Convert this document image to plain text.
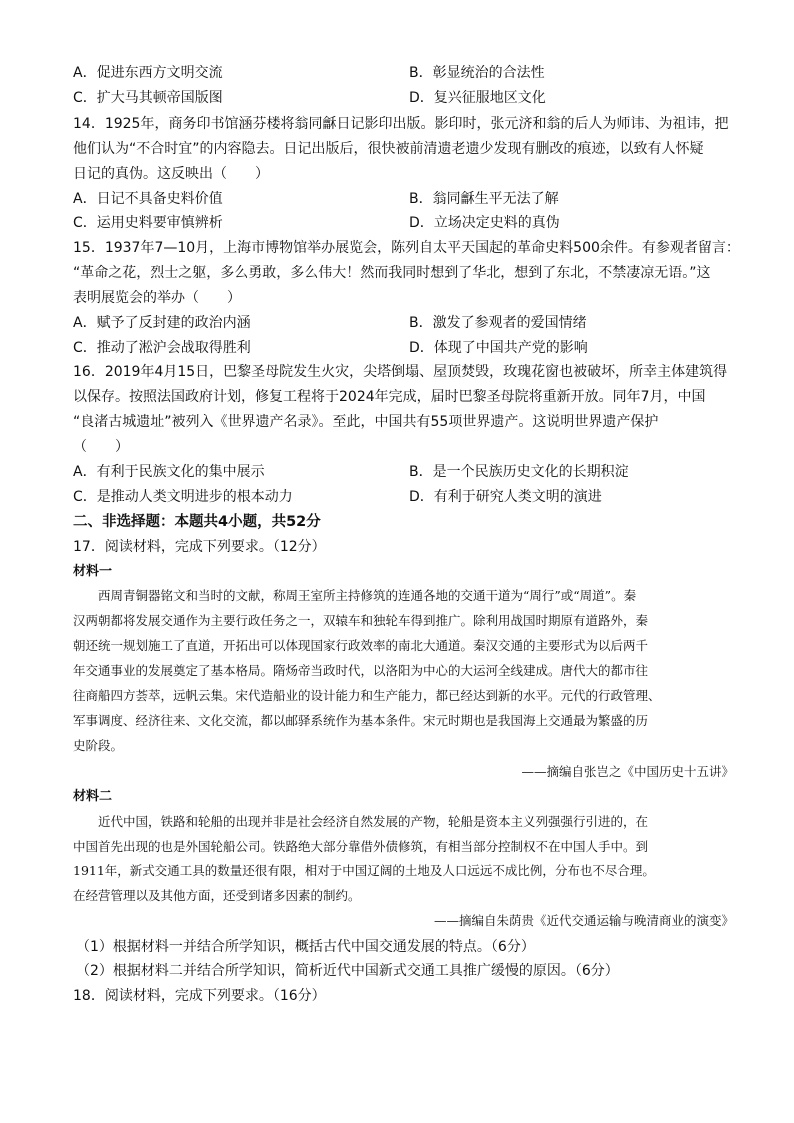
A．促进东西方文明交流	B．彰显统治的合法性
C．扩大马其顿帝国版图	D．复兴征服地区文化
14．1925年，商务印书馆涵芬楼将翁同龢日记影印出版。影印时，张元济和翁的后人为师讳、为祖讳，把
他们认为“不合时宜”的内容隐去。日记出版后，很快被前清遗老遗少发现有删改的痕迹，以致有人怀疑
日记的真伪。这反映出（　　）
A．日记不具备史料价值	B．翁同龢生平无法了解
C．运用史料要审慎辨析	D．立场决定史料的真伪
15．1937年7—10月，上海市博物馆举办展览会，陈列自太平天国起的革命史料500余件。有参观者留言：
“革命之花，烈士之躯，多么勇敢，多么伟大！然而我同时想到了华北，想到了东北，不禁凄凉无语。”这
表明展览会的举办（　　）
A．赋予了反封建的政治内涵	B．激发了参观者的爱国情绪
C．推动了淞沪会战取得胜利	D．体现了中国共产党的影响
16．2019年4月15日，巴黎圣母院发生火灾，尖塔倒塌、屋顶焚毁，玫瑰花窗也被破坏，所幸主体建筑得
以保存。按照法国政府计划，修复工程将于2024年完成，届时巴黎圣母院将重新开放。同年7月，中国
“良渚古城遗址”被列入《世界遗产名录》。至此，中国共有55项世界遗产。这说明世界遗产保护
（　　）
A．有利于民族文化的集中展示	B．是一个民族历史文化的长期积淀
C．是推动人类文明进步的根本动力	D．有利于研究人类文明的演进
二、非选择题：本题共4小题，共52分
17．阅读材料，完成下列要求。（12分）
材料一
　　西周青铜器铭文和当时的文献，称周王室所主持修筑的连通各地的交通干道为“周行”或“周道”。秦
汉两朝都将发展交通作为主要行政任务之一，双辕车和独轮车得到推广。除利用战国时期原有道路外，秦
朝还统一规划施工了直道，开拓出可以体现国家行政效率的南北大通道。秦汉交通的主要形式为以后两千
年交通事业的发展奠定了基本格局。隋炀帝当政时代，以洛阳为中心的大运河全线建成。唐代大的都市往
往商船四方荟萃，远帆云集。宋代造船业的设计能力和生产能力，都已经达到新的水平。元代的行政管理、
军事调度、经济往来、文化交流，都以邮驿系统作为基本条件。宋元时期也是我国海上交通最为繁盛的历
史阶段。
——摘编自张岂之《中国历史十五讲》
材料二
　　近代中国，铁路和轮船的出现并非是社会经济自然发展的产物，轮船是资本主义列强强行引进的，在
中国首先出现的也是外国轮船公司。铁路绝大部分靠借外债修筑，有相当部分控制权不在中国人手中。到
1911年，新式交通工具的数量还很有限，相对于中国辽阔的土地及人口远远不成比例，分布也不尽合理。
在经营管理以及其他方面，还受到诸多因素的制约。
——摘编自朱荫贵《近代交通运输与晚清商业的演变》
（1）根据材料一并结合所学知识，概括古代中国交通发展的特点。（6分）
（2）根据材料二并结合所学知识，简析近代中国新式交通工具推广缓慢的原因。（6分）
18．阅读材料，完成下列要求。（16分）
